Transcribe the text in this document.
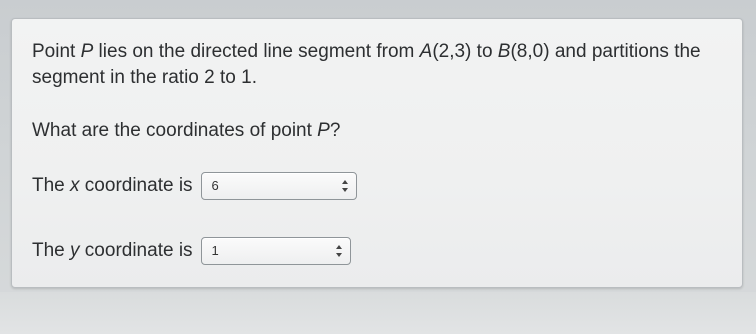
Point P lies on the directed line segment from A(2,3) to B(8,0) and partitions the segment in the ratio 2 to 1.

What are the coordinates of point P?

The x coordinate is 6
The y coordinate is 1
